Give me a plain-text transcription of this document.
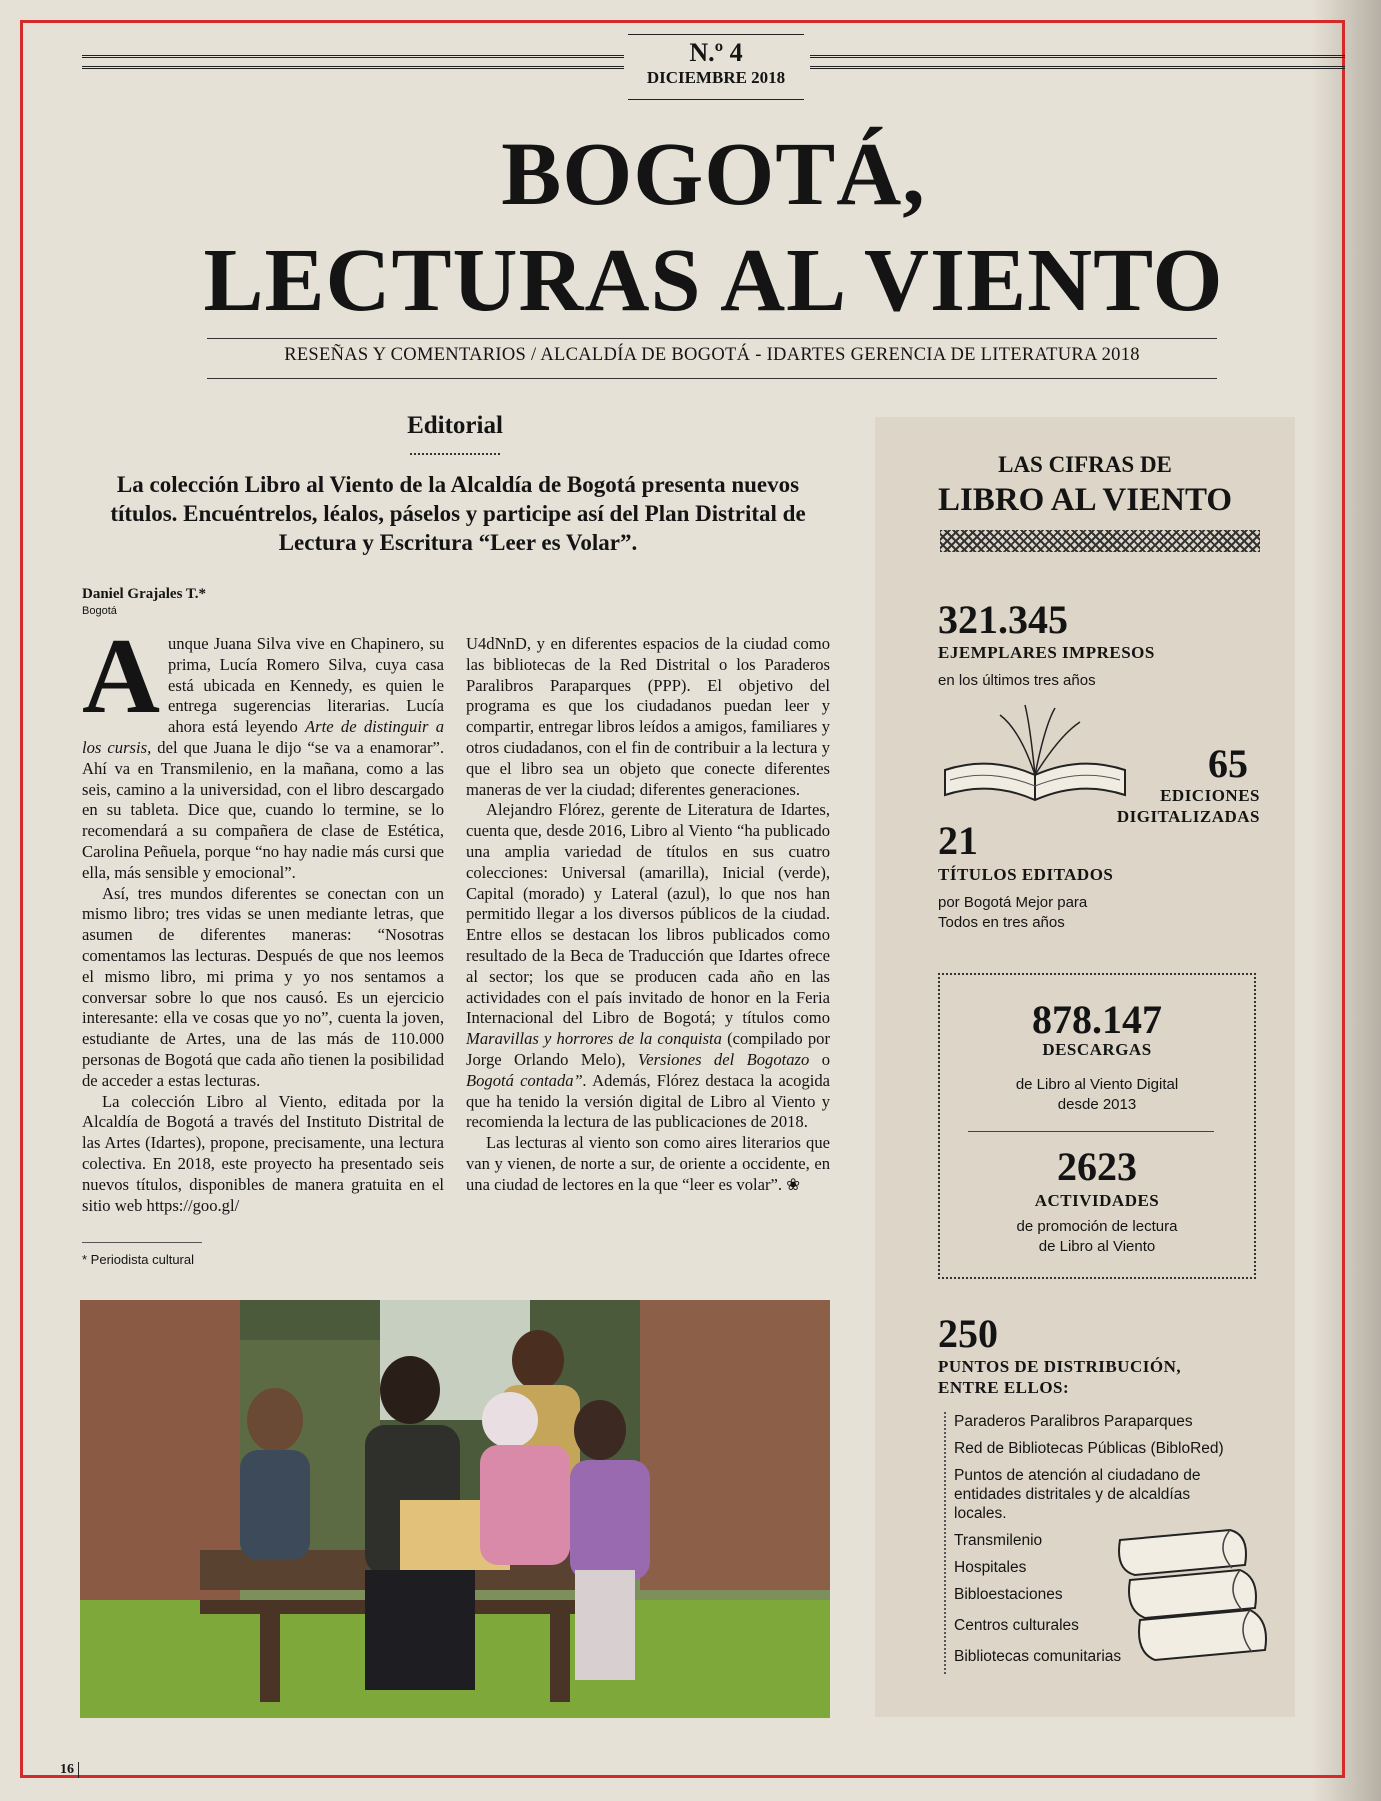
N.º 4
DICIEMBRE 2018
BOGOTÁ,
LECTURAS AL VIENTO
RESEÑAS Y COMENTARIOS / ALCALDÍA DE BOGOTÁ - IDARTES GERENCIA DE LITERATURA 2018
Editorial
La colección Libro al Viento de la Alcaldía de Bogotá presenta nuevos títulos. Encuéntrelos, léalos, páselos y participe así del Plan Distrital de Lectura y Escritura “Leer es Volar”.
Daniel Grajales T.*
Bogotá

Aunque Juana Silva vive en Chapinero, su prima, Lucía Romero Silva, cuya casa está ubicada en Kennedy, es quien le entrega sugerencias literarias. Lucía ahora está leyendo Arte de distinguir a los cursis, del que Juana le dijo “se va a enamorar”. Ahí va en Transmilenio, en la mañana, como a las seis, camino a la universidad, con el libro descargado en su tableta. Dice que, cuando lo termine, se lo recomendará a su compañera de clase de Estética, Carolina Peñuela, porque “no hay nadie más cursi que ella, más sensible y emocional”.

Así, tres mundos diferentes se conectan con un mismo libro; tres vidas se unen mediante letras, que asumen de diferentes maneras: “Nosotras comentamos las lecturas. Después de que nos leemos el mismo libro, mi prima y yo nos sentamos a conversar sobre lo que nos causó. Es un ejercicio interesante: ella ve cosas que yo no”, cuenta la joven, estudiante de Artes, una de las más de 110.000 personas de Bogotá que cada año tienen la posibilidad de acceder a estas lecturas.

La colección Libro al Viento, editada por la Alcaldía de Bogotá a través del Instituto Distrital de las Artes (Idartes), propone, precisamente, una lectura colectiva. En 2018, este proyecto ha presentado seis nuevos títulos, disponibles de manera gratuita en el sitio web https://goo.gl/

U4dNnD, y en diferentes espacios de la ciudad como las bibliotecas de la Red Distrital o los Paraderos Paralibros Paraparques (PPP). El objetivo del programa es que los ciudadanos puedan leer y compartir, entregar libros leídos a amigos, familiares y otros ciudadanos, con el fin de contribuir a la lectura y que el libro sea un objeto que conecte diferentes maneras de ver la ciudad; diferentes generaciones.

Alejandro Flórez, gerente de Literatura de Idartes, cuenta que, desde 2016, Libro al Viento “ha publicado una amplia variedad de títulos en sus cuatro colecciones: Universal (amarilla), Inicial (verde), Capital (morado) y Lateral (azul), lo que nos han permitido llegar a los diversos públicos de la ciudad. Entre ellos se destacan los libros publicados como resultado de la Beca de Traducción que Idartes ofrece al sector; los que se producen cada año en las actividades con el país invitado de honor en la Feria Internacional del Libro de Bogotá; y títulos como Maravillas y horrores de la conquista (compilado por Jorge Orlando Melo), Versiones del Bogotazo o Bogotá contada”. Además, Flórez destaca la acogida que ha tenido la versión digital de Libro al Viento y recomienda la lectura de las publicaciones de 2018.

Las lecturas al viento son como aires literarios que van y vienen, de norte a sur, de oriente a occidente, en una ciudad de lectores en la que “leer es volar”. ❀

* Periodista cultural
16
LAS CIFRAS DE
LIBRO AL VIENTO
321.345
EJEMPLARES IMPRESOS
en los últimos tres años
65
EDICIONES
DIGITALIZADAS
21
TÍTULOS EDITADOS
por Bogotá Mejor para
Todos en tres años
878.147
DESCARGAS
de Libro al Viento Digital
desde 2013
2623
ACTIVIDADES
de promoción de lectura
de Libro al Viento
250
PUNTOS DE DISTRIBUCIÓN,
ENTRE ELLOS:
Paraderos Paralibros Paraparques
Red de Bibliotecas Públicas (BibloRed)
Puntos de atención al ciudadano de entidades distritales y de alcaldías locales.
Transmilenio
Hospitales
Bibloestaciones
Centros culturales
Bibliotecas comunitarias
